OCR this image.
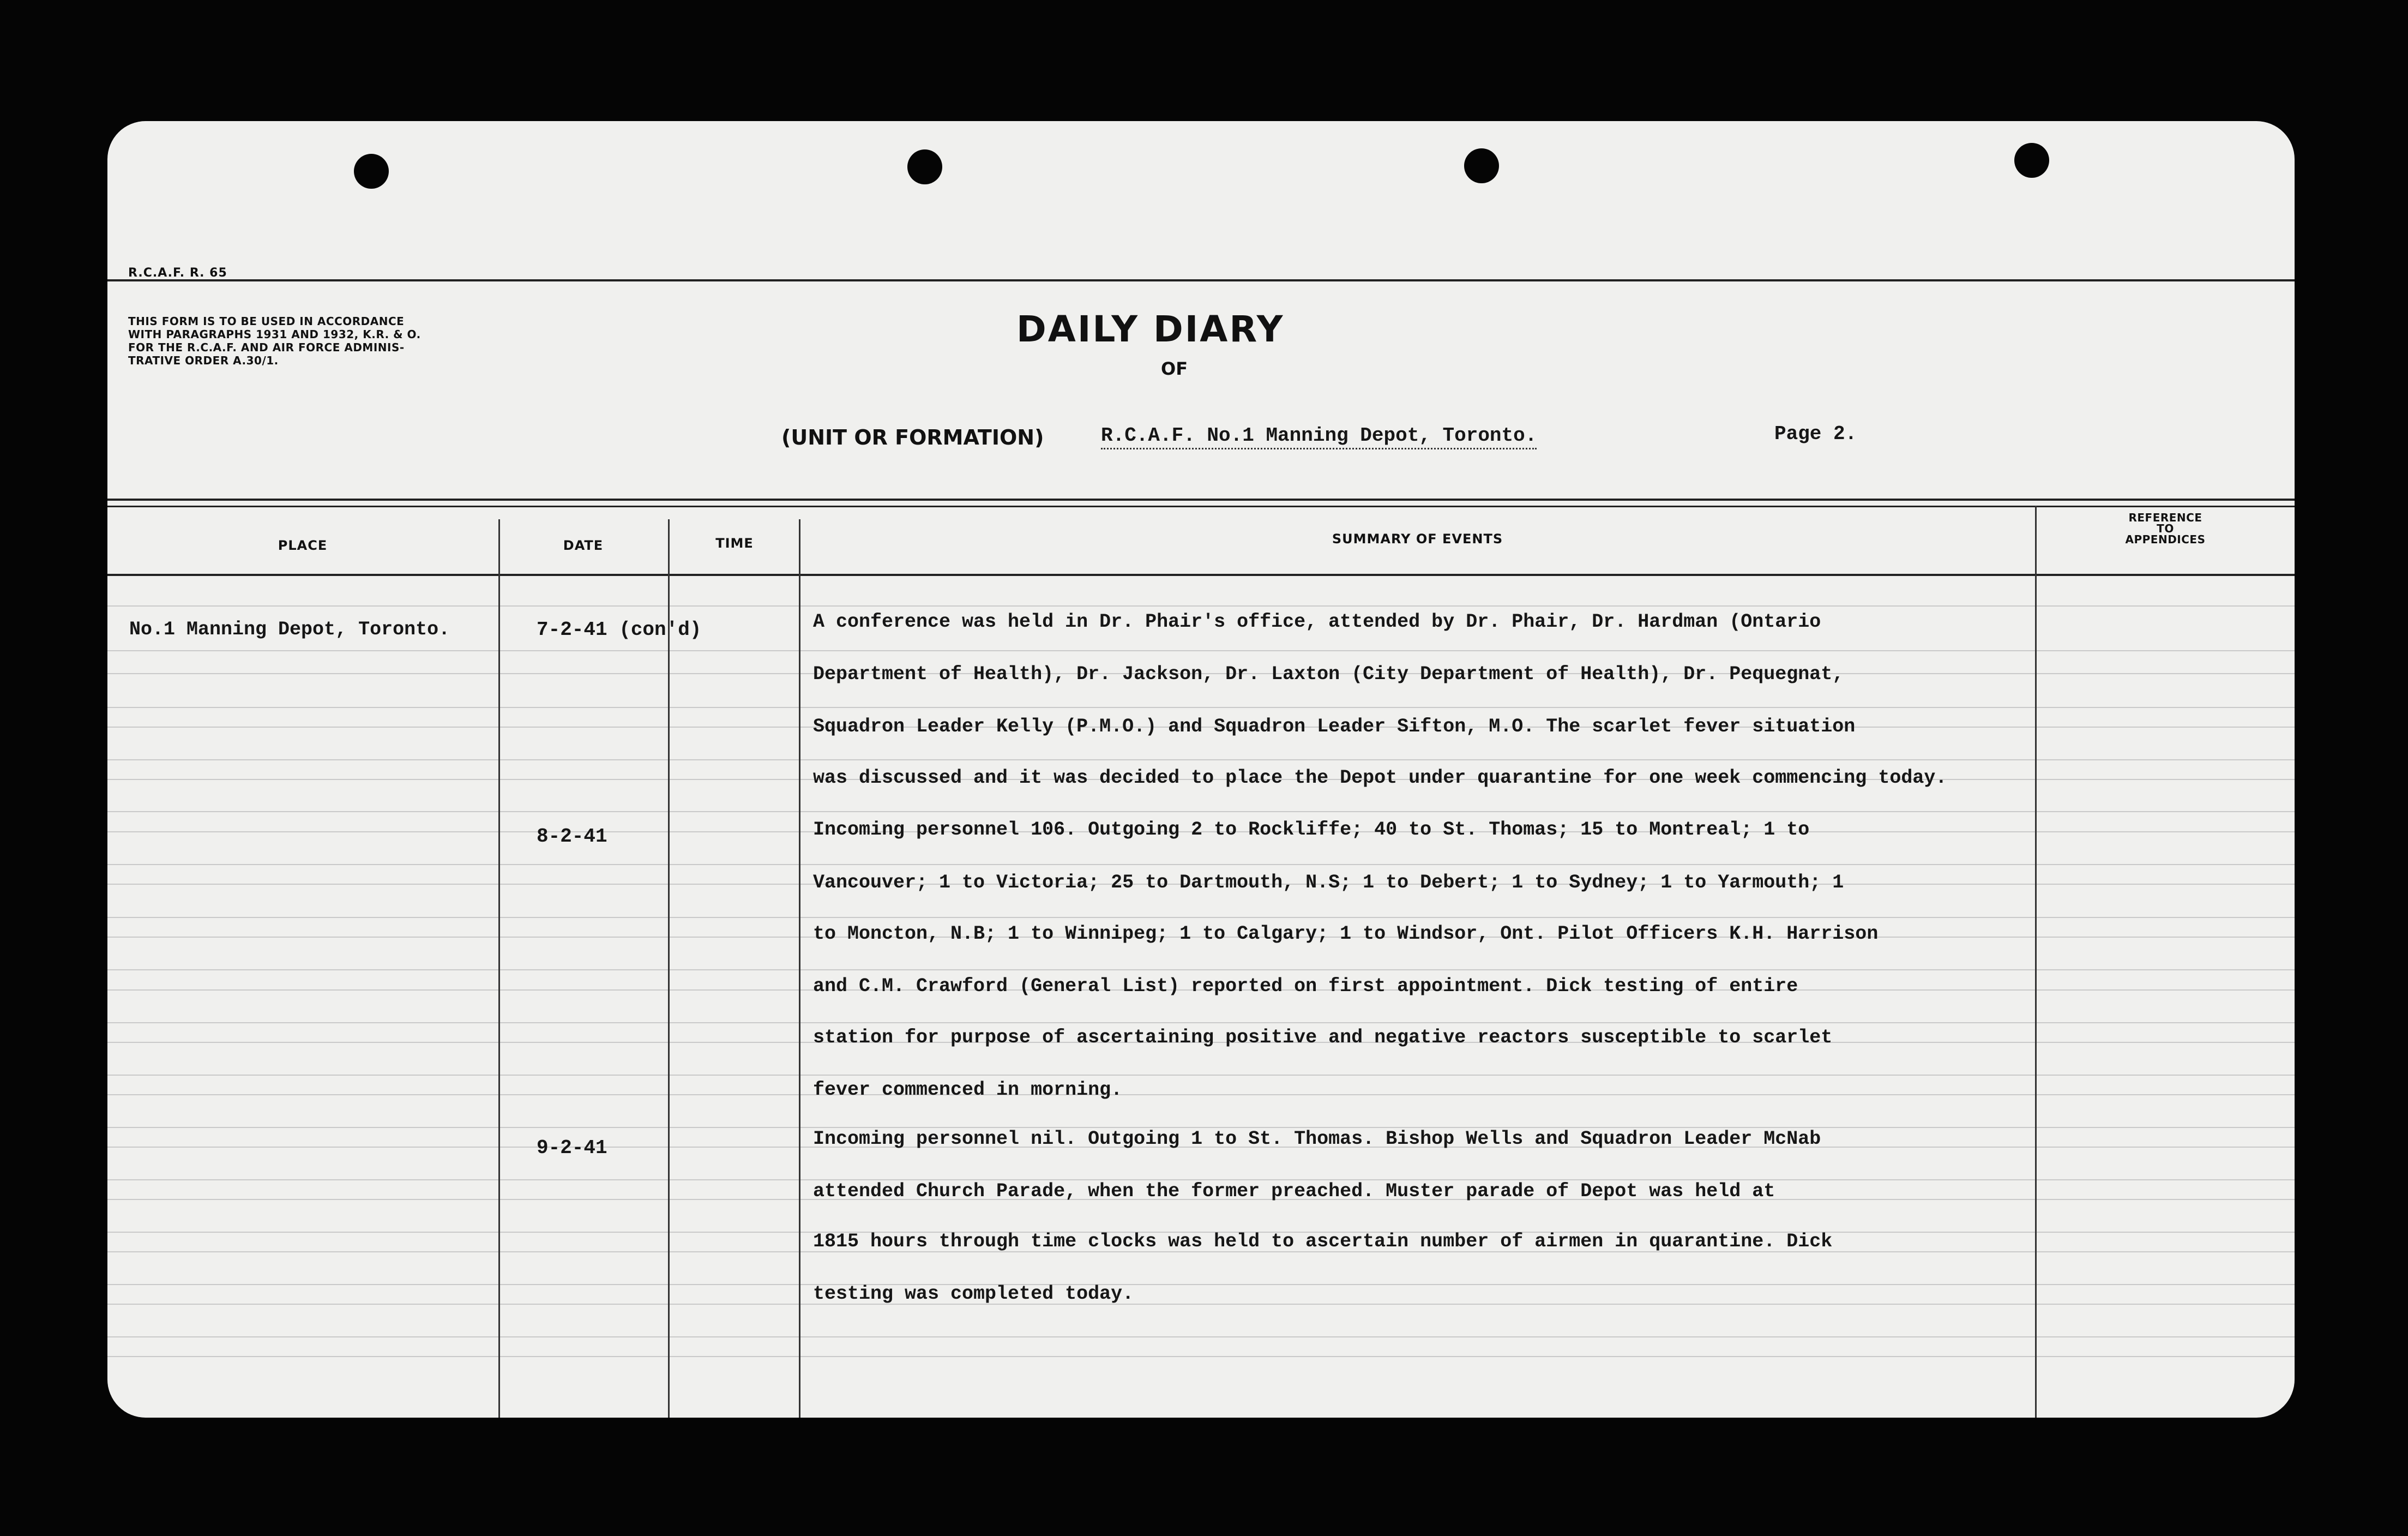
R.C.A.F. R. 65
THIS FORM IS TO BE USED IN ACCORDANCE
WITH PARAGRAPHS 1931 AND 1932, K.R. & O.
FOR THE R.C.A.F. AND AIR FORCE ADMINIS-
TRATIVE ORDER A.30/1.
DAILY DIARY
OF
(UNIT OR FORMATION)	R.C.A.F. No.1 Manning Depot, Toronto.	Page 2.
PLACE	DATE	TIME	SUMMARY OF EVENTS
REFERENCE
TO
APPENDICES
No.1 Manning Depot, Toronto.	7-2-41 (con'd)	A conference was held in Dr. Phair's office, attended by Dr. Phair, Dr. Hardman (Ontario
Department of Health), Dr. Jackson, Dr. Laxton (City Department of Health), Dr. Pequegnat,
Squadron Leader Kelly (P.M.O.) and Squadron Leader Sifton, M.O. The scarlet fever situation
was discussed and it was decided to place the Depot under quarantine for one week commencing today.
8-2-41	Incoming personnel 106. Outgoing 2 to Rockliffe; 40 to St. Thomas; 15 to Montreal; 1 to
Vancouver; 1 to Victoria; 25 to Dartmouth, N.S; 1 to Debert; 1 to Sydney; 1 to Yarmouth; 1
to Moncton, N.B; 1 to Winnipeg; 1 to Calgary; 1 to Windsor, Ont. Pilot Officers K.H. Harrison
and C.M. Crawford (General List) reported on first appointment. Dick testing of entire
station for purpose of ascertaining positive and negative reactors susceptible to scarlet
fever commenced in morning.
9-2-41	Incoming personnel nil. Outgoing 1 to St. Thomas. Bishop Wells and Squadron Leader McNab
attended Church Parade, when the former preached. Muster parade of Depot was held at
1815 hours through time clocks was held to ascertain number of airmen in quarantine. Dick
testing was completed today.
